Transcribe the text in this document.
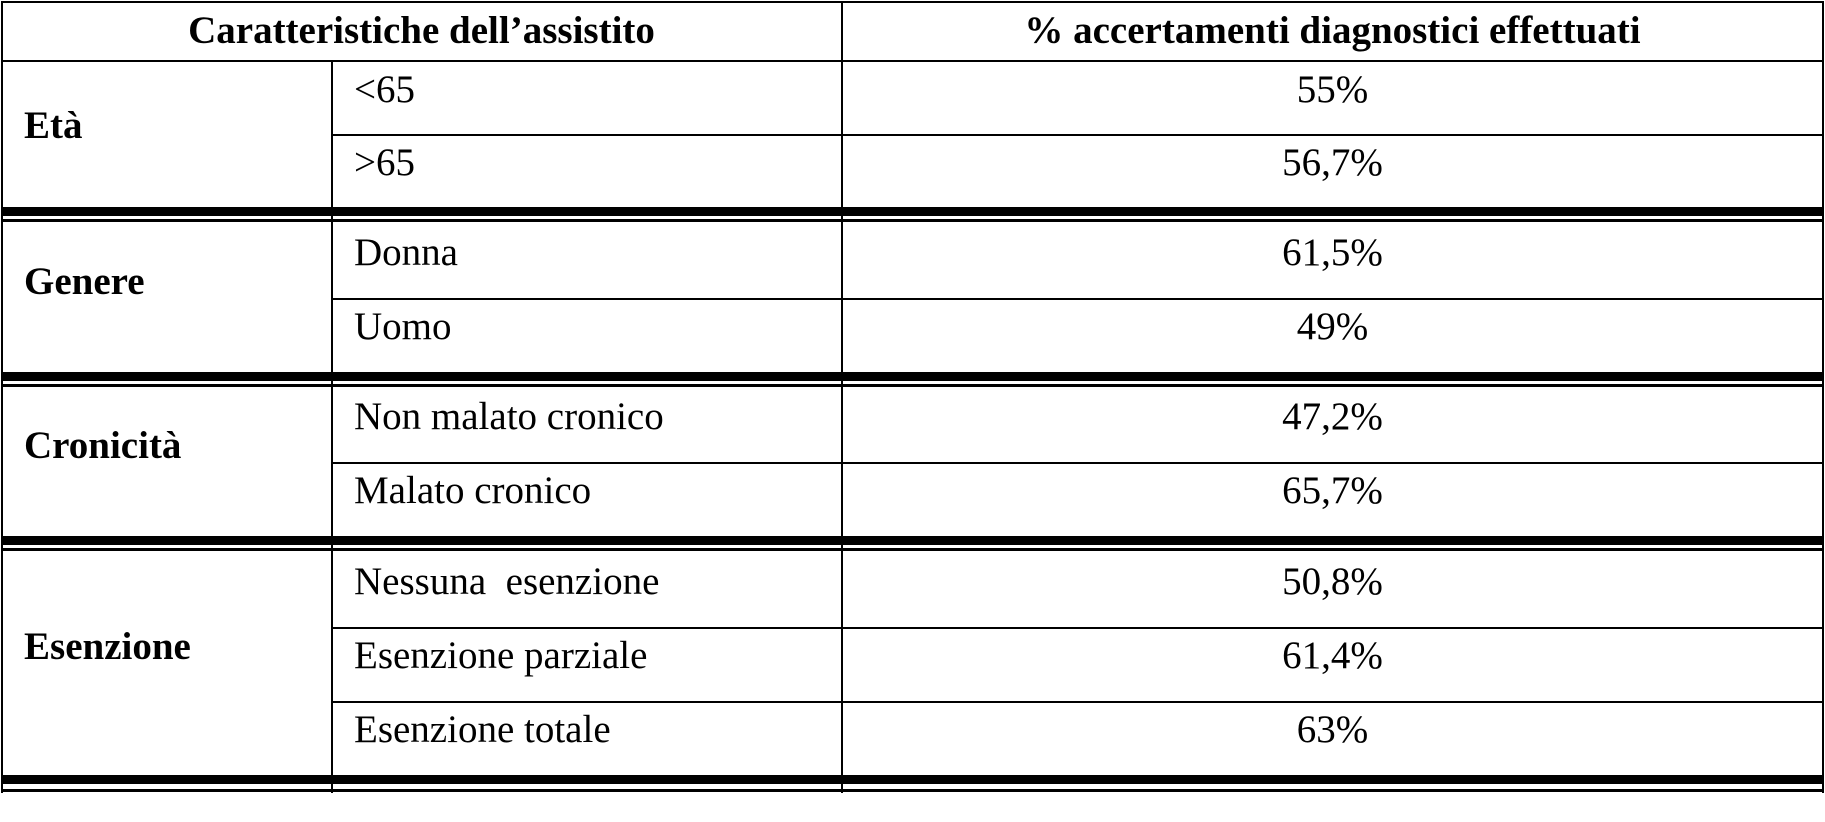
Caratteristiche dell’assistito	% accertamenti diagnostici effettuati
Età
<65	55%
>65	56,7%
Genere
Donna	61,5%
Uomo	49%
Cronicità
Non malato cronico	47,2%
Malato cronico	65,7%
Esenzione
Nessuna  esenzione	50,8%
Esenzione parziale	61,4%
Esenzione totale	63%
